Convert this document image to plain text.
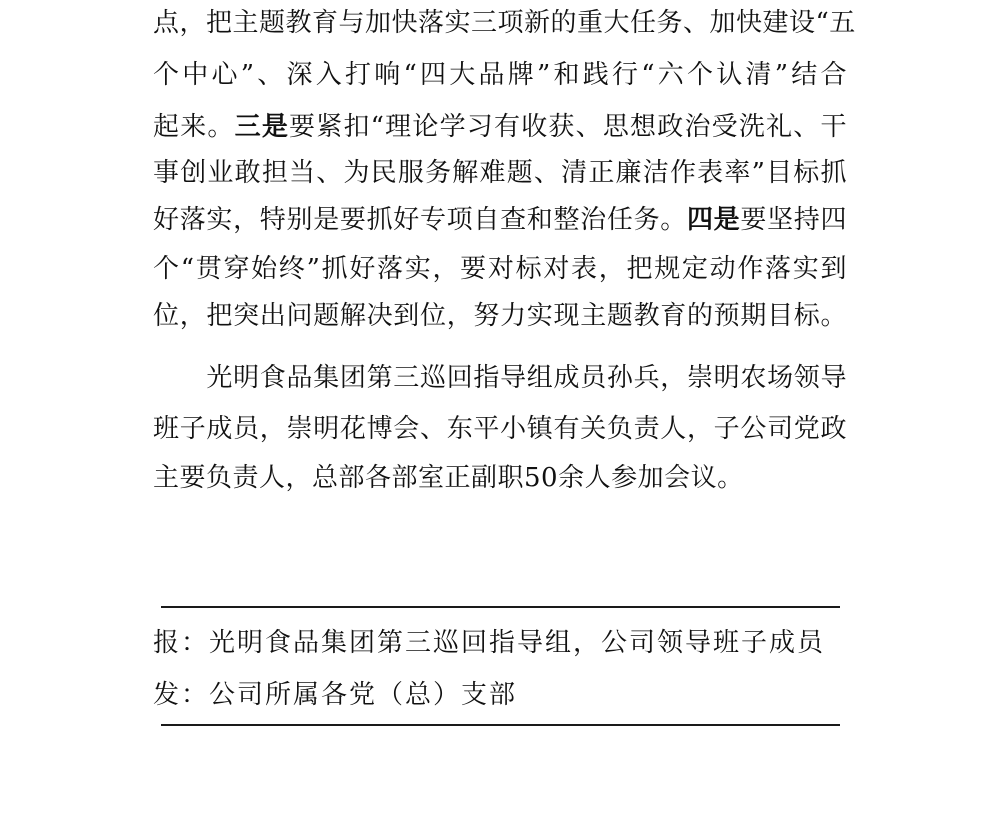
点，把主题教育与加快落实三项新的重大任务、加快建设“五
个中心”、深入打响“四大品牌”和践行“六个认清”结合
起来。三是要紧扣“理论学习有收获、思想政治受洗礼、干
事创业敢担当、为民服务解难题、清正廉洁作表率”目标抓
好落实，特别是要抓好专项自查和整治任务。四是要坚持四
个“贯穿始终”抓好落实，要对标对表，把规定动作落实到
位，把突出问题解决到位，努力实现主题教育的预期目标。
　　光明食品集团第三巡回指导组成员孙兵，崇明农场领导
班子成员，崇明花博会、东平小镇有关负责人，子公司党政
主要负责人，总部各部室正副职50余人参加会议。
报：光明食品集团第三巡回指导组，公司领导班子成员
发：公司所属各党（总）支部
